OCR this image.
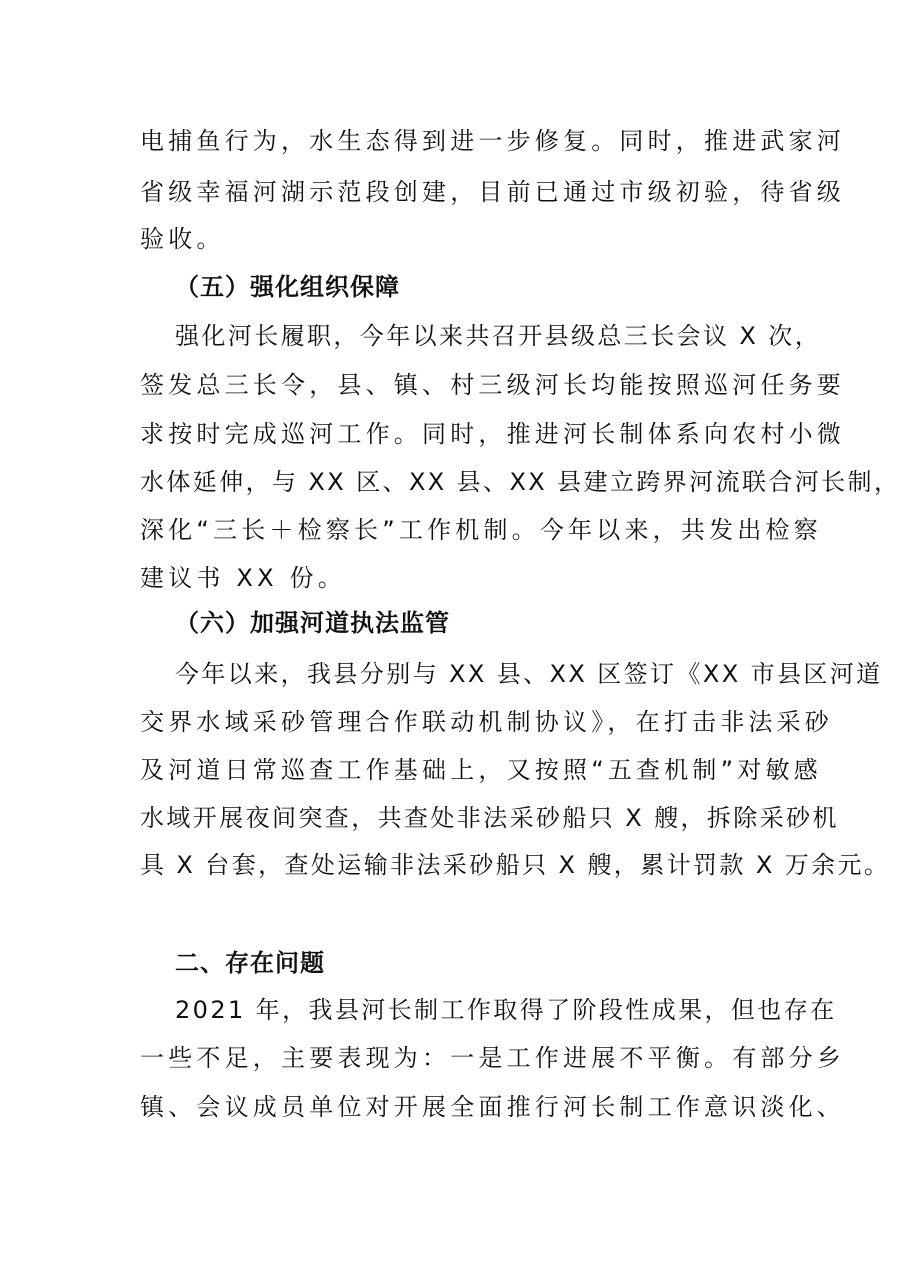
电捕鱼行为，水生态得到进一步修复。同时，推进武家河
省级幸福河湖示范段创建，目前已通过市级初验，待省级
验收。
（五）强化组织保障
强化河长履职，今年以来共召开县级总三长会议 X 次，
签发总三长令，县、镇、村三级河长均能按照巡河任务要
求按时完成巡河工作。同时，推进河长制体系向农村小微
水体延伸，与 XX 区、XX 县、XX 县建立跨界河流联合河长制，
深化“三长＋检察长”工作机制。今年以来，共发出检察
建议书 XX 份。
（六）加强河道执法监管
今年以来，我县分别与 XX 县、XX 区签订《XX 市县区河道
交界水域采砂管理合作联动机制协议》，在打击非法采砂
及河道日常巡查工作基础上，又按照“五查机制”对敏感
水域开展夜间突查，共查处非法采砂船只 X 艘，拆除采砂机
具 X 台套，查处运输非法采砂船只 X 艘，累计罚款 X 万余元。
二、存在问题
2021 年，我县河长制工作取得了阶段性成果，但也存在
一些不足，主要表现为：一是工作进展不平衡。有部分乡
镇、会议成员单位对开展全面推行河长制工作意识淡化、
